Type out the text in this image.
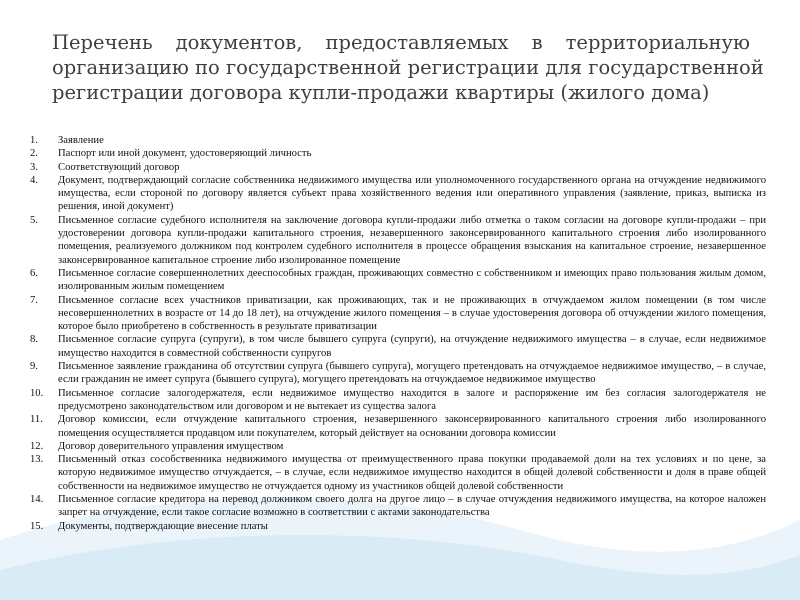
Перечень документов, предоставляемых в территориальную
организацию по государственной регистрации для государственной
регистрации договора купли-продажи квартиры (жилого дома)
1.	Заявление
2.	Паспорт или иной документ, удостоверяющий личность
3.	Соответствующий договор
4.	Документ, подтверждающий согласие собственника недвижимого имущества или уполномоченного государственного органа на отчуждение недвижимого имущества, если стороной по договору является субъект права хозяйственного ведения или оперативного управления (заявление, приказ, выписка из решения, иной документ)
5.	Письменное согласие судебного исполнителя на заключение договора купли-продажи либо отметка о таком согласии на договоре купли-продажи – при удостоверении договора купли-продажи капитального строения, незавершенного законсервированного капитального строения либо изолированного помещения, реализуемого должником под контролем судебного исполнителя в процессе обращения взыскания на капитальное строение, незавершенное законсервированное капитальное строение либо изолированное помещение
6.	Письменное согласие совершеннолетних дееспособных граждан, проживающих совместно с собственником и имеющих право пользования жилым домом, изолированным жилым помещением
7.	Письменное согласие всех участников приватизации, как проживающих, так и не проживающих в отчуждаемом жилом помещении (в том числе несовершеннолетних в возрасте от 14 до 18 лет), на отчуждение жилого помещения – в случае удостоверения договора об отчуждении жилого помещения, которое было приобретено в собственность в результате приватизации
8.	Письменное согласие супруга (супруги), в том числе бывшего супруга (супруги), на отчуждение недвижимого имущества – в случае, если недвижимое имущество находится в совместной собственности супругов
9.	Письменное заявление гражданина об отсутствии супруга (бывшего супруга), могущего претендовать на отчуждаемое недвижимое имущество, – в случае, если гражданин не имеет супруга (бывшего супруга), могущего претендовать на отчуждаемое недвижимое имущество
10.	Письменное согласие залогодержателя, если недвижимое имущество находится в залоге и распоряжение им без согласия залогодержателя не предусмотрено законодательством или договором и не вытекает из существа залога
11.	Договор комиссии, если отчуждение капитального строения, незавершенного законсервированного капитального строения либо изолированного помещения осуществляется продавцом или покупателем, который действует на основании договора комиссии
12.	Договор доверительного управления имуществом
13.	Письменный отказ сособственника недвижимого имущества от преимущественного права покупки продаваемой доли на тех условиях и по цене, за которую недвижимое имущество отчуждается, – в случае, если недвижимое имущество находится в общей долевой собственности и доля в праве общей собственности на недвижимое имущество не отчуждается одному из участников общей долевой собственности
14.	Письменное согласие кредитора на перевод должником своего долга на другое лицо – в случае отчуждения недвижимого имущества, на которое наложен запрет на отчуждение, если такое согласие возможно в соответствии с актами законодательства
15.	Документы, подтверждающие внесение платы
